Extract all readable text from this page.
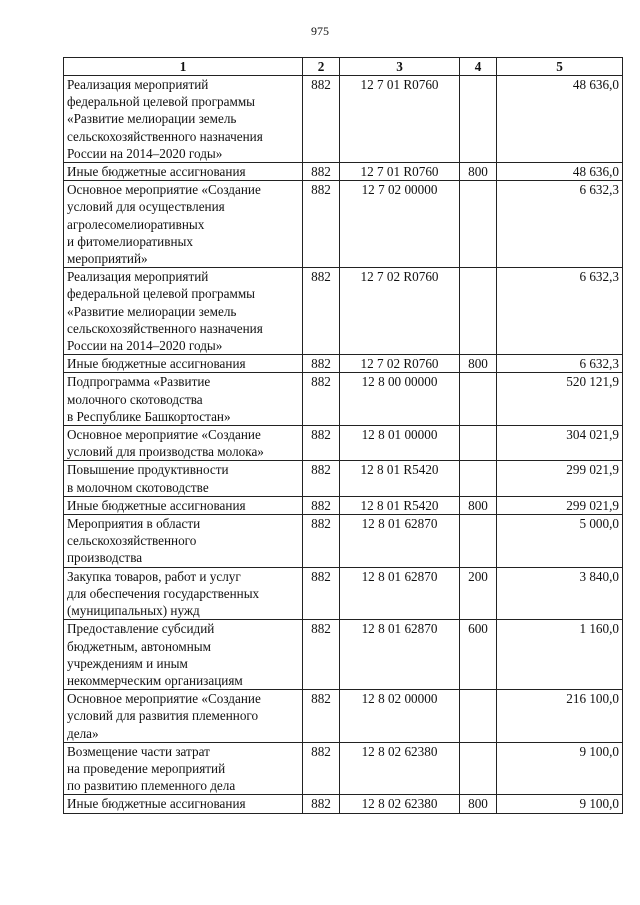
975
1	2	3	4	5

Реализация мероприятий
федеральной целевой программы
«Развитие мелиорации земель
сельскохозяйственного назначения
России на 2014–2020 годы»	882	12 7 01 R0760		48 636,0

Иные бюджетные ассигнования	882	12 7 01 R0760	800	48 636,0

Основное мероприятие «Создание
условий для осуществления
агролесомелиоративных
и фитомелиоративных
мероприятий»	882	12 7 02 00000		6 632,3

Реализация мероприятий
федеральной целевой программы
«Развитие мелиорации земель
сельскохозяйственного назначения
России на 2014–2020 годы»	882	12 7 02 R0760		6 632,3

Иные бюджетные ассигнования	882	12 7 02 R0760	800	6 632,3

Подпрограмма «Развитие
молочного скотоводства
в Республике Башкортостан»	882	12 8 00 00000		520 121,9

Основное мероприятие «Создание
условий для производства молока»	882	12 8 01 00000		304 021,9

Повышение продуктивности
в молочном скотоводстве	882	12 8 01 R5420		299 021,9

Иные бюджетные ассигнования	882	12 8 01 R5420	800	299 021,9

Мероприятия в области
сельскохозяйственного
производства	882	12 8 01 62870		5 000,0

Закупка товаров, работ и услуг
для обеспечения государственных
(муниципальных) нужд	882	12 8 01 62870	200	3 840,0

Предоставление субсидий
бюджетным, автономным
учреждениям и иным
некоммерческим организациям	882	12 8 01 62870	600	1 160,0

Основное мероприятие «Создание
условий для развития племенного
дела»	882	12 8 02 00000		216 100,0

Возмещение части затрат
на проведение мероприятий
по развитию племенного дела	882	12 8 02 62380		9 100,0

Иные бюджетные ассигнования	882	12 8 02 62380	800	9 100,0
